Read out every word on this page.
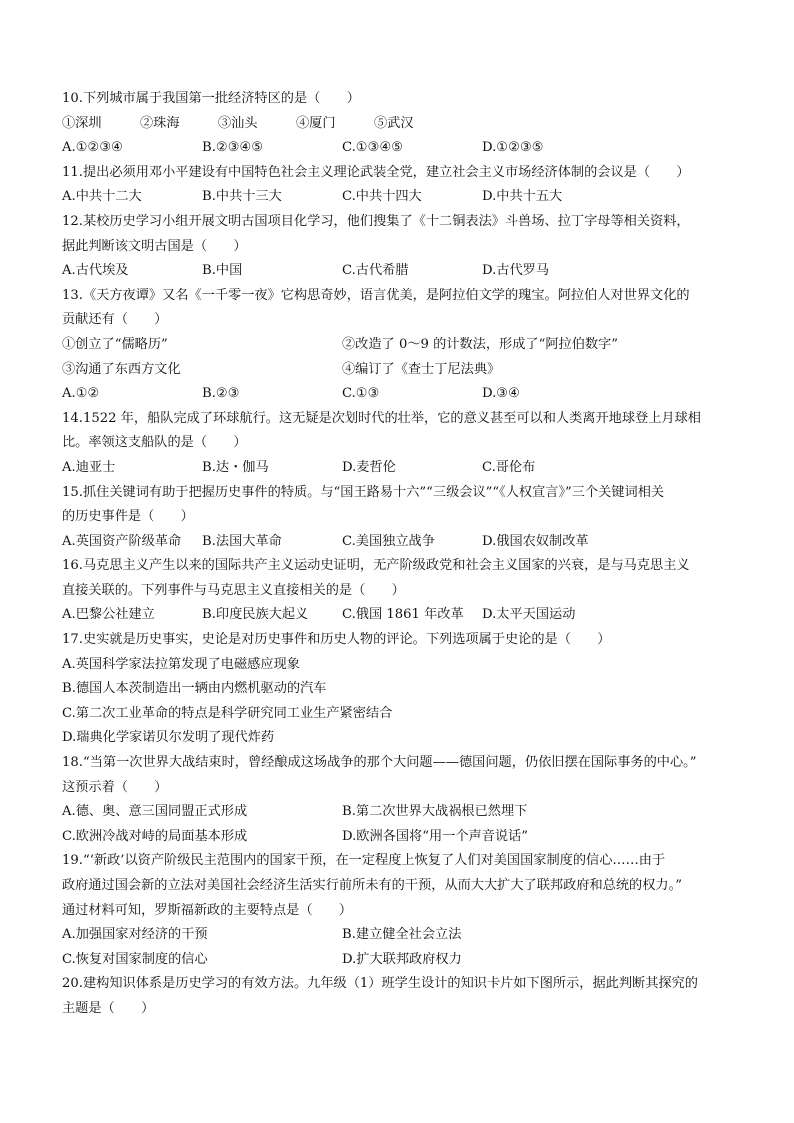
10.下列城市属于我国第一批经济特区的是（　　）
①深圳	②珠海	③汕头	④厦门	⑤武汉
A.①②③④	B.②③④⑤	C.①③④⑤	D.①②③⑤
11.提出必须用邓小平建设有中国特色社会主义理论武装全党，建立社会主义市场经济体制的会议是（　　）
A.中共十二大	B.中共十三大	C.中共十四大	D.中共十五大
12.某校历史学习小组开展文明古国项目化学习，他们搜集了《十二铜表法》斗兽场、拉丁字母等相关资料，
据此判断该文明古国是（　　）
A.古代埃及	B.中国	C.古代希腊	D.古代罗马
13.《天方夜谭》又名《一千零一夜》它构思奇妙，语言优美，是阿拉伯文学的瑰宝。阿拉伯人对世界文化的
贡献还有（　　）
①创立了“儒略历”	②改造了 0～9 的计数法，形成了“阿拉伯数字”
③沟通了东西方文化	④编订了《查士丁尼法典》
A.①②	B.②③	C.①③	D.③④
14.1522 年，船队完成了环球航行。这无疑是次划时代的壮举，它的意义甚至可以和人类离开地球登上月球相
比。率领这支船队的是（　　）
A.迪亚士	B.达・伽马	D.麦哲伦	C.哥伦布
15.抓住关键词有助于把握历史事件的特质。与“国王路易十六”“三级会议”“《人权宣言》”三个关键词相关
的历史事件是（　　）
A.英国资产阶级革命	B.法国大革命	C.美国独立战争	D.俄国农奴制改革
16.马克思主义产生以来的国际共产主义运动史证明，无产阶级政党和社会主义国家的兴衰，是与马克思主义
直接关联的。下列事件与马克思主义直接相关的是（　　）
A.巴黎公社建立	B.印度民族大起义	C.俄国 1861 年改革	D.太平天国运动
17.史实就是历史事实，史论是对历史事件和历史人物的评论。下列选项属于史论的是（　　）
A.英国科学家法拉第发现了电磁感应现象
B.德国人本茨制造出一辆由内燃机驱动的汽车
C.第二次工业革命的特点是科学研究同工业生产紧密结合
D.瑞典化学家诺贝尔发明了现代炸药
18.“当第一次世界大战结束时，曾经酿成这场战争的那个大问题——德国问题，仍依旧摆在国际事务的中心。”
这预示着（　　）
A.德、奥、意三国同盟正式形成	B.第二次世界大战祸根已然埋下
C.欧洲冷战对峙的局面基本形成	D.欧洲各国将“用一个声音说话”
19.“‘新政’以资产阶级民主范围内的国家干预，在一定程度上恢复了人们对美国国家制度的信心……由于
政府通过国会新的立法对美国社会经济生活实行前所未有的干预，从而大大扩大了联邦政府和总统的权力。”
通过材料可知，罗斯福新政的主要特点是（　　）
A.加强国家对经济的干预	B.建立健全社会立法
C.恢复对国家制度的信心	D.扩大联邦政府权力
20.建构知识体系是历史学习的有效方法。九年级（1）班学生设计的知识卡片如下图所示，据此判断其探究的
主题是（　　）
